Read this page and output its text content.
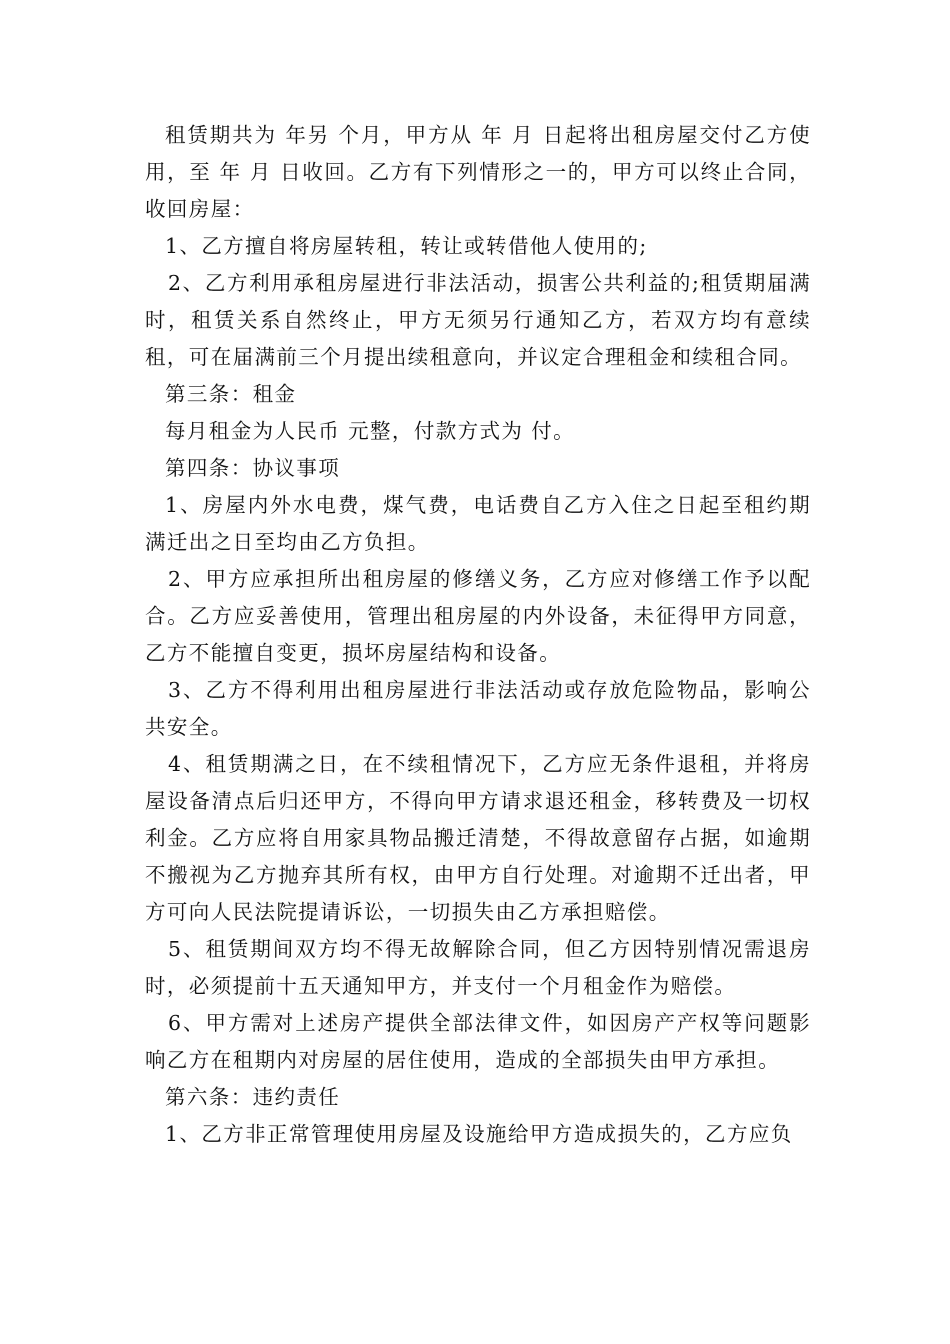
租赁期共为 年另 个月，甲方从 年 月 日起将出租房屋交付乙方使用，至 年 月 日收回。乙方有下列情形之一的，甲方可以终止合同，收回房屋：

1、乙方擅自将房屋转租，转让或转借他人使用的;

2、乙方利用承租房屋进行非法活动，损害公共利益的;租赁期届满时，租赁关系自然终止，甲方无须另行通知乙方，若双方均有意续租，可在届满前三个月提出续租意向，并议定合理租金和续租合同。

第三条：租金

每月租金为人民币 元整，付款方式为 付。

第四条：协议事项

1、房屋内外水电费，煤气费，电话费自乙方入住之日起至租约期满迁出之日至均由乙方负担。

2、甲方应承担所出租房屋的修缮义务，乙方应对修缮工作予以配合。乙方应妥善使用，管理出租房屋的内外设备，未征得甲方同意，乙方不能擅自变更，损坏房屋结构和设备。

3、乙方不得利用出租房屋进行非法活动或存放危险物品，影响公共安全。

4、租赁期满之日，在不续租情况下，乙方应无条件退租，并将房屋设备清点后归还甲方，不得向甲方请求退还租金，移转费及一切权利金。乙方应将自用家具物品搬迁清楚，不得故意留存占据，如逾期不搬视为乙方抛弃其所有权，由甲方自行处理。对逾期不迁出者，甲方可向人民法院提请诉讼，一切损失由乙方承担赔偿。

5、租赁期间双方均不得无故解除合同，但乙方因特别情况需退房时，必须提前十五天通知甲方，并支付一个月租金作为赔偿。

6、甲方需对上述房产提供全部法律文件，如因房产产权等问题影响乙方在租期内对房屋的居住使用，造成的全部损失由甲方承担。

第六条：违约责任

1、乙方非正常管理使用房屋及设施给甲方造成损失的，乙方应负
